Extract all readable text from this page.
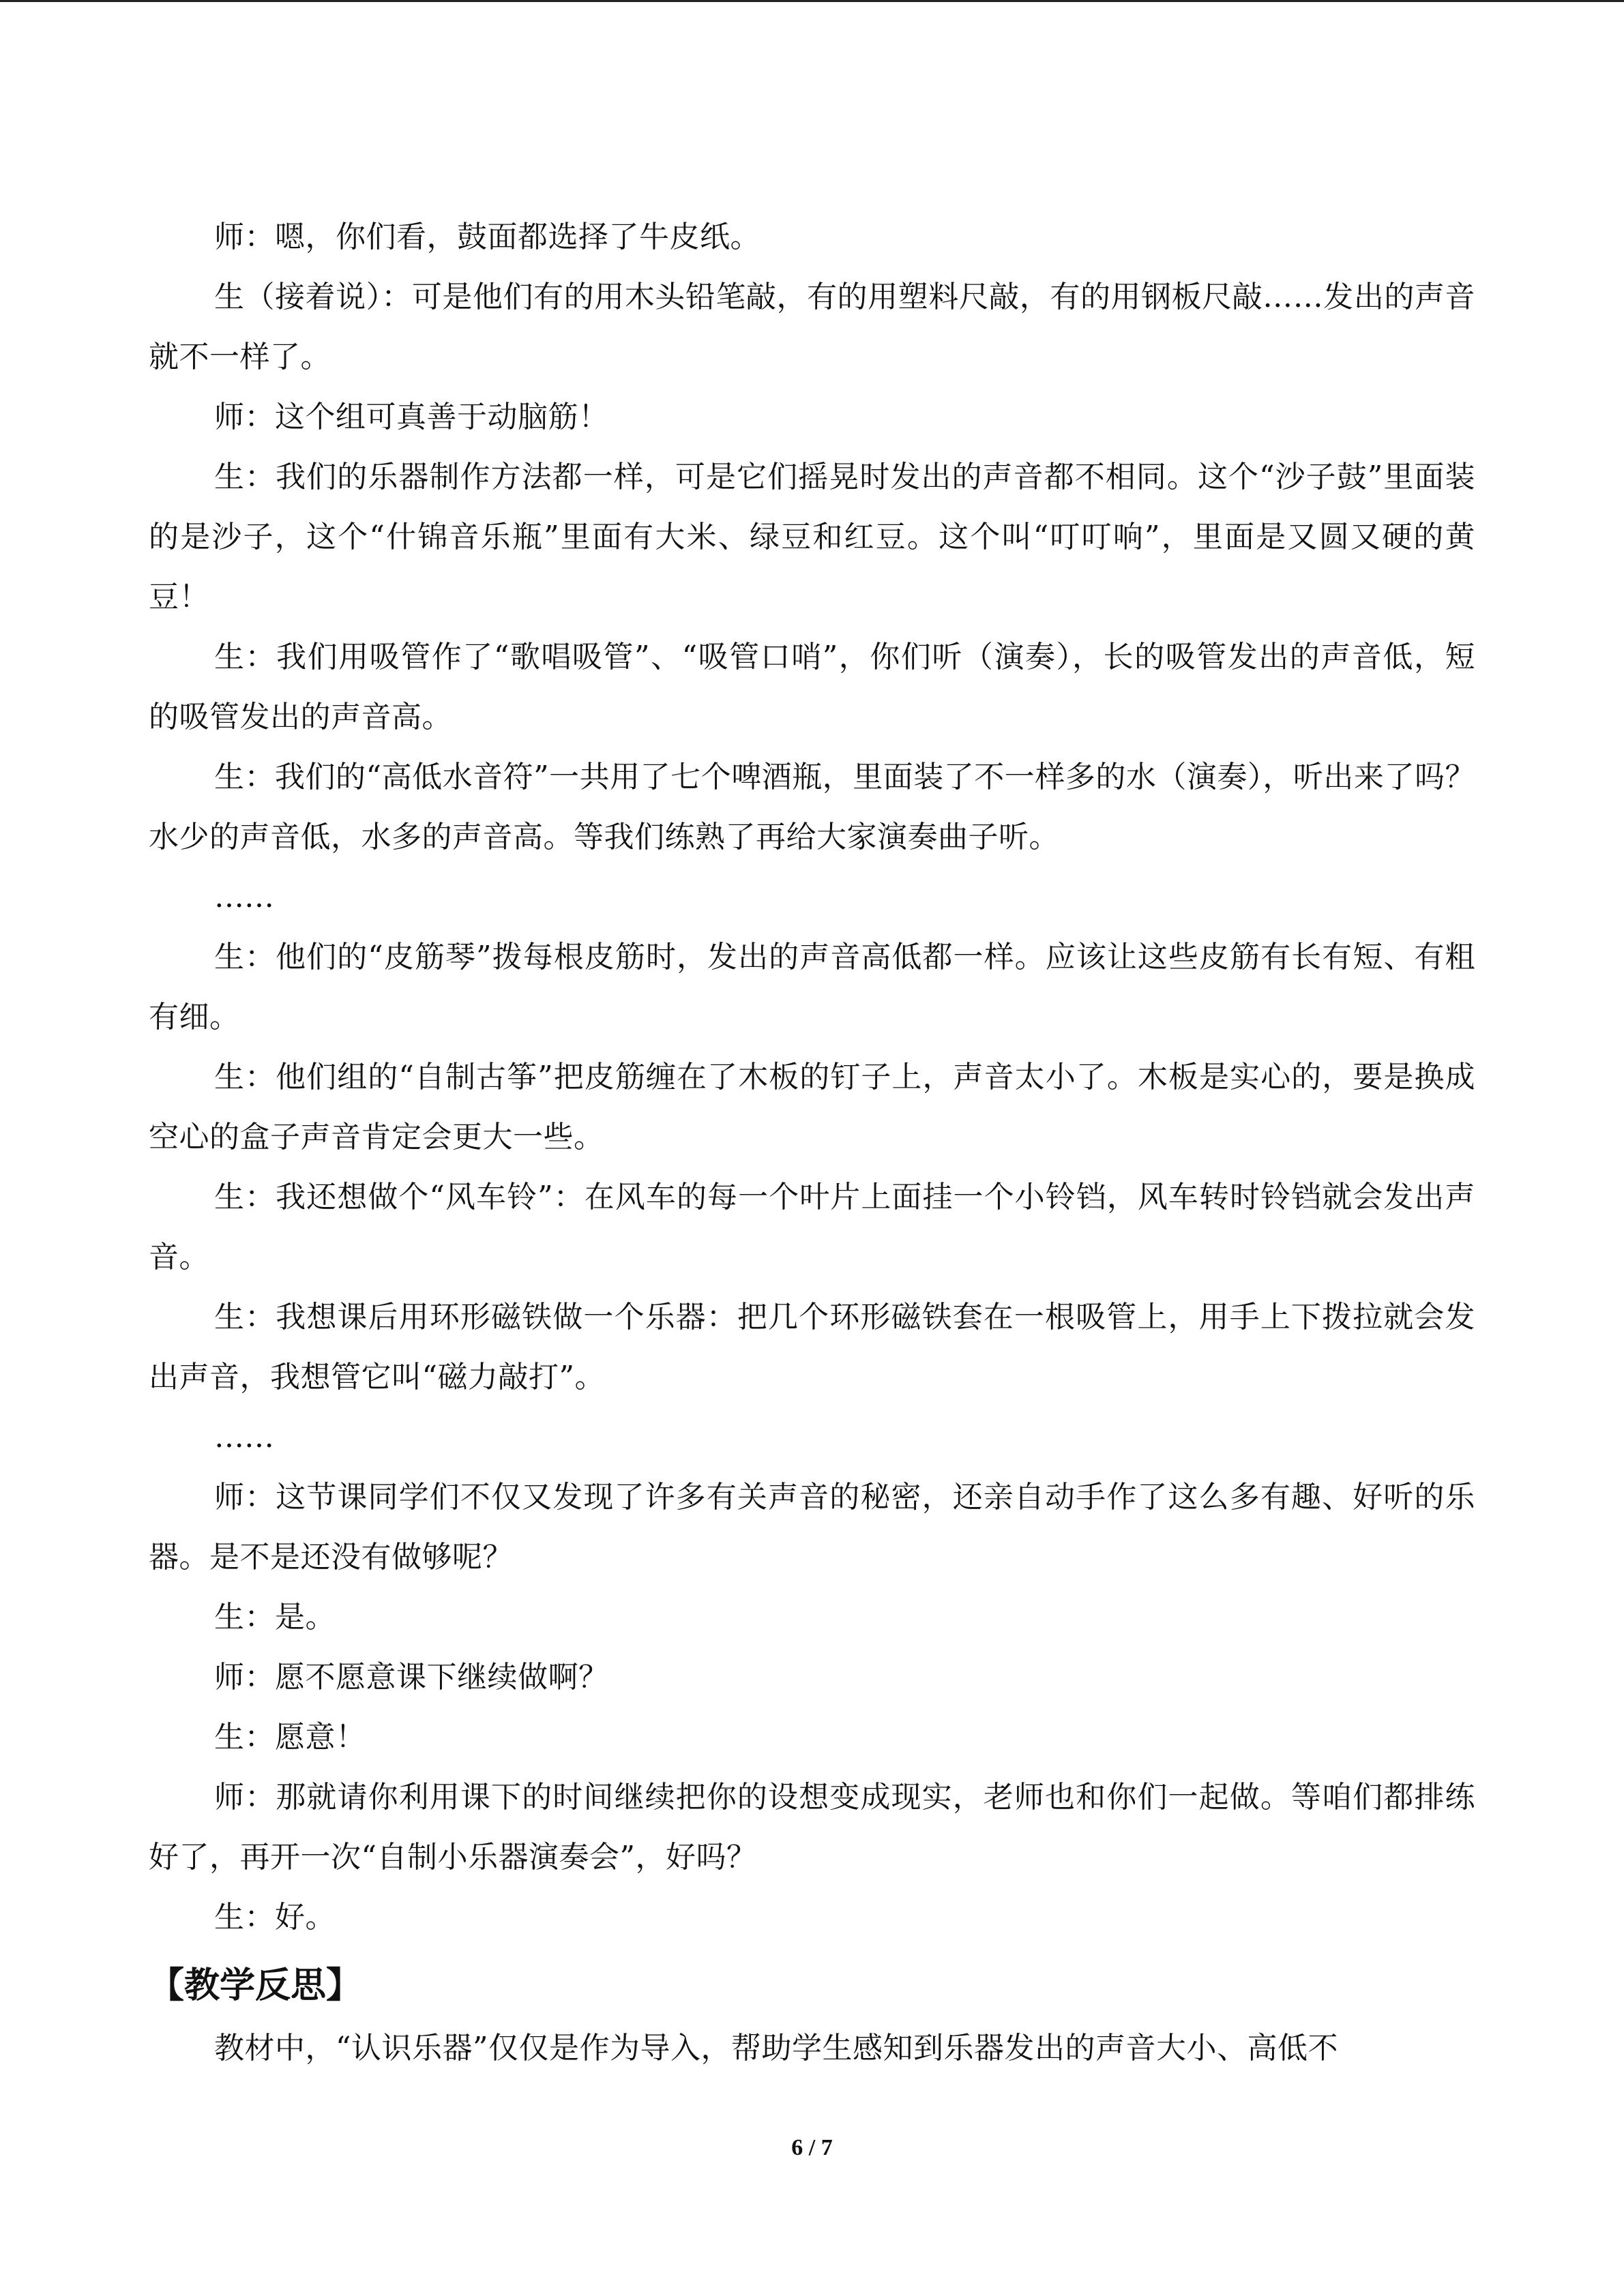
师：嗯，你们看，鼓面都选择了牛皮纸。

生（接着说）：可是他们有的用木头铅笔敲，有的用塑料尺敲，有的用钢板尺敲……发出的声音就不一样了。

师：这个组可真善于动脑筋！

生：我们的乐器制作方法都一样，可是它们摇晃时发出的声音都不相同。这个“沙子鼓”里面装的是沙子，这个“什锦音乐瓶”里面有大米、绿豆和红豆。这个叫“叮叮响”，里面是又圆又硬的黄豆！

生：我们用吸管作了“歌唱吸管”、“吸管口哨”，你们听（演奏），长的吸管发出的声音低，短的吸管发出的声音高。

生：我们的“高低水音符”一共用了七个啤酒瓶，里面装了不一样多的水（演奏），听出来了吗？水少的声音低，水多的声音高。等我们练熟了再给大家演奏曲子听。

……

生：他们的“皮筋琴”拨每根皮筋时，发出的声音高低都一样。应该让这些皮筋有长有短、有粗有细。

生：他们组的“自制古筝”把皮筋缠在了木板的钉子上，声音太小了。木板是实心的，要是换成空心的盒子声音肯定会更大一些。

生：我还想做个“风车铃”：在风车的每一个叶片上面挂一个小铃铛，风车转时铃铛就会发出声音。

生：我想课后用环形磁铁做一个乐器：把几个环形磁铁套在一根吸管上，用手上下拨拉就会发出声音，我想管它叫“磁力敲打”。

……

师：这节课同学们不仅又发现了许多有关声音的秘密，还亲自动手作了这么多有趣、好听的乐器。是不是还没有做够呢？

生：是。

师：愿不愿意课下继续做啊？

生：愿意！

师：那就请你利用课下的时间继续把你的设想变成现实，老师也和你们一起做。等咱们都排练好了，再开一次“自制小乐器演奏会”，好吗？

生：好。

【教学反思】

教材中，“认识乐器”仅仅是作为导入，帮助学生感知到乐器发出的声音大小、高低不

6 / 7
